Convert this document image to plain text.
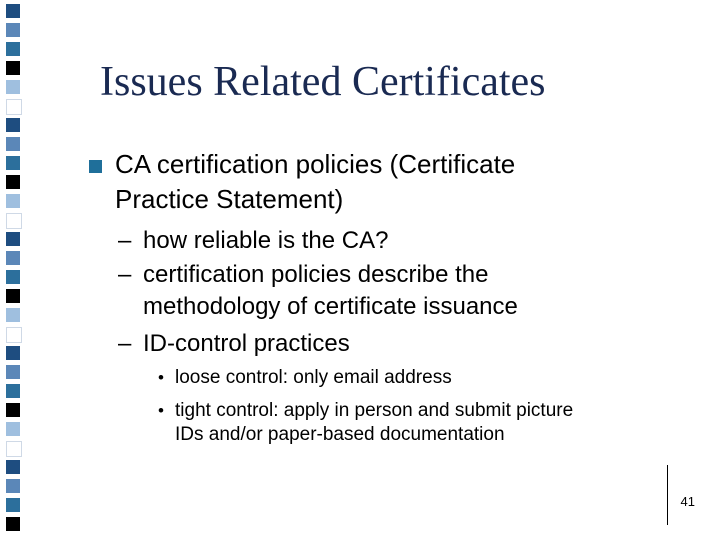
Issues Related Certificates
CA certification policies (Certificate
Practice Statement)
– how reliable is the CA?
– certification policies describe the
methodology of certificate issuance
– ID-control practices
• loose control: only email address
• tight control: apply in person and submit picture
IDs and/or paper-based documentation
41
